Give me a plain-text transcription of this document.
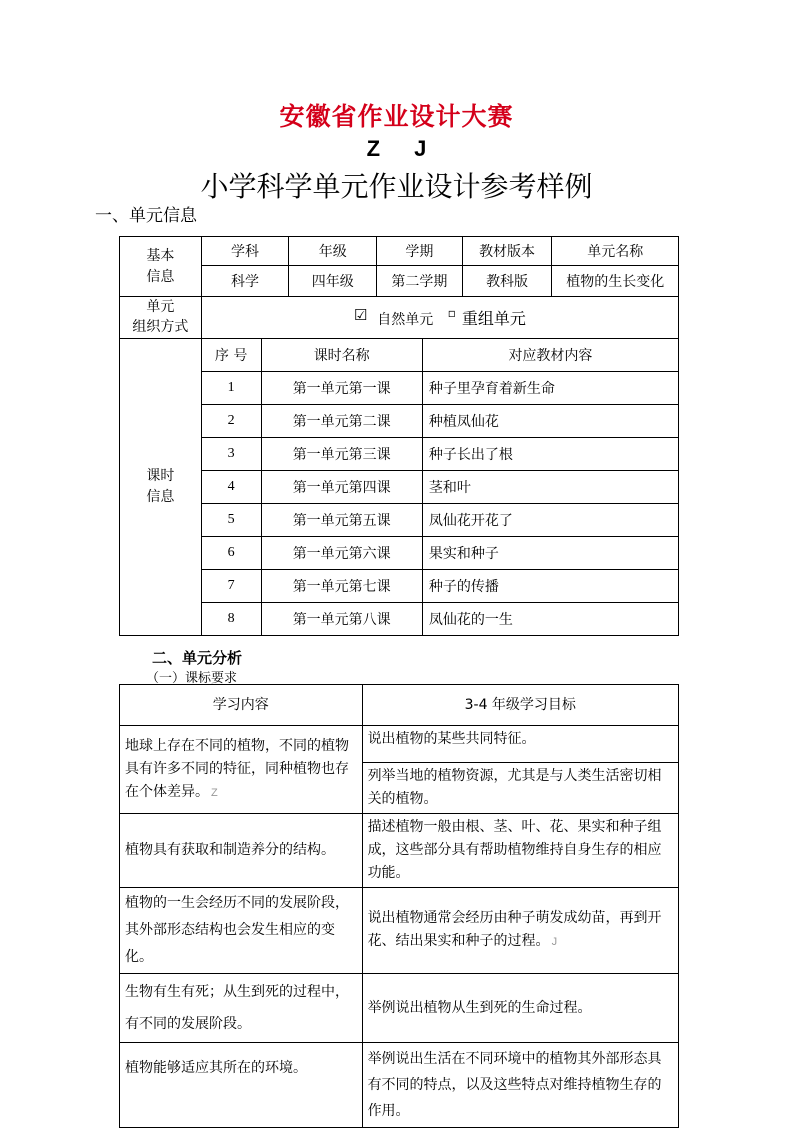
安徽省作业设计大赛
Z J
小学科学单元作业设计参考样例
一、单元信息
基本
信息	学科		年级	学期		教材版本	单元名称
	科学		四年级	第二学期		教科版	植物的生长变化
单元
组织方式	☑ 自然单元 ▫ 重组单元						
课时
信息	序 号	课时名称			对应教材内容		
	1	第一单元第一课			种子里孕育着新生命		
	2	第一单元第二课			种植凤仙花		
	3	第一单元第三课			种子长出了根		
	4	第一单元第四课			茎和叶		
	5	第一单元第五课			凤仙花开花了		
	6	第一单元第六课			果实和种子		
	7	第一单元第七课			种子的传播		
	8	第一单元第八课			凤仙花的一生		
二、单元分析
（一）课标要求
学习内容	3-4 年级学习目标
地球上存在不同的植物，不同的植物具有许多不同的特征，同种植物也存在个体差异。 Z	说出植物的某些共同特征。
	列举当地的植物资源，尤其是与人类生活密切相关的植物。
植物具有获取和制造养分的结构。	描述植物一般由根、茎、叶、花、果实和种子组成，这些部分具有帮助植物维持自身生存的相应功能。
植物的一生会经历不同的发展阶段，其外部形态结构也会发生相应的变化。	说出植物通常会经历由种子萌发成幼苗，再到开花、结出果实和种子的过程。 J
生物有生有死；从生到死的过程中，有不同的发展阶段。	举例说出植物从生到死的生命过程。
植物能够适应其所在的环境。	举例说出生活在不同环境中的植物其外部形态具有不同的特点，以及这些特点对维持植物生存的作用。
